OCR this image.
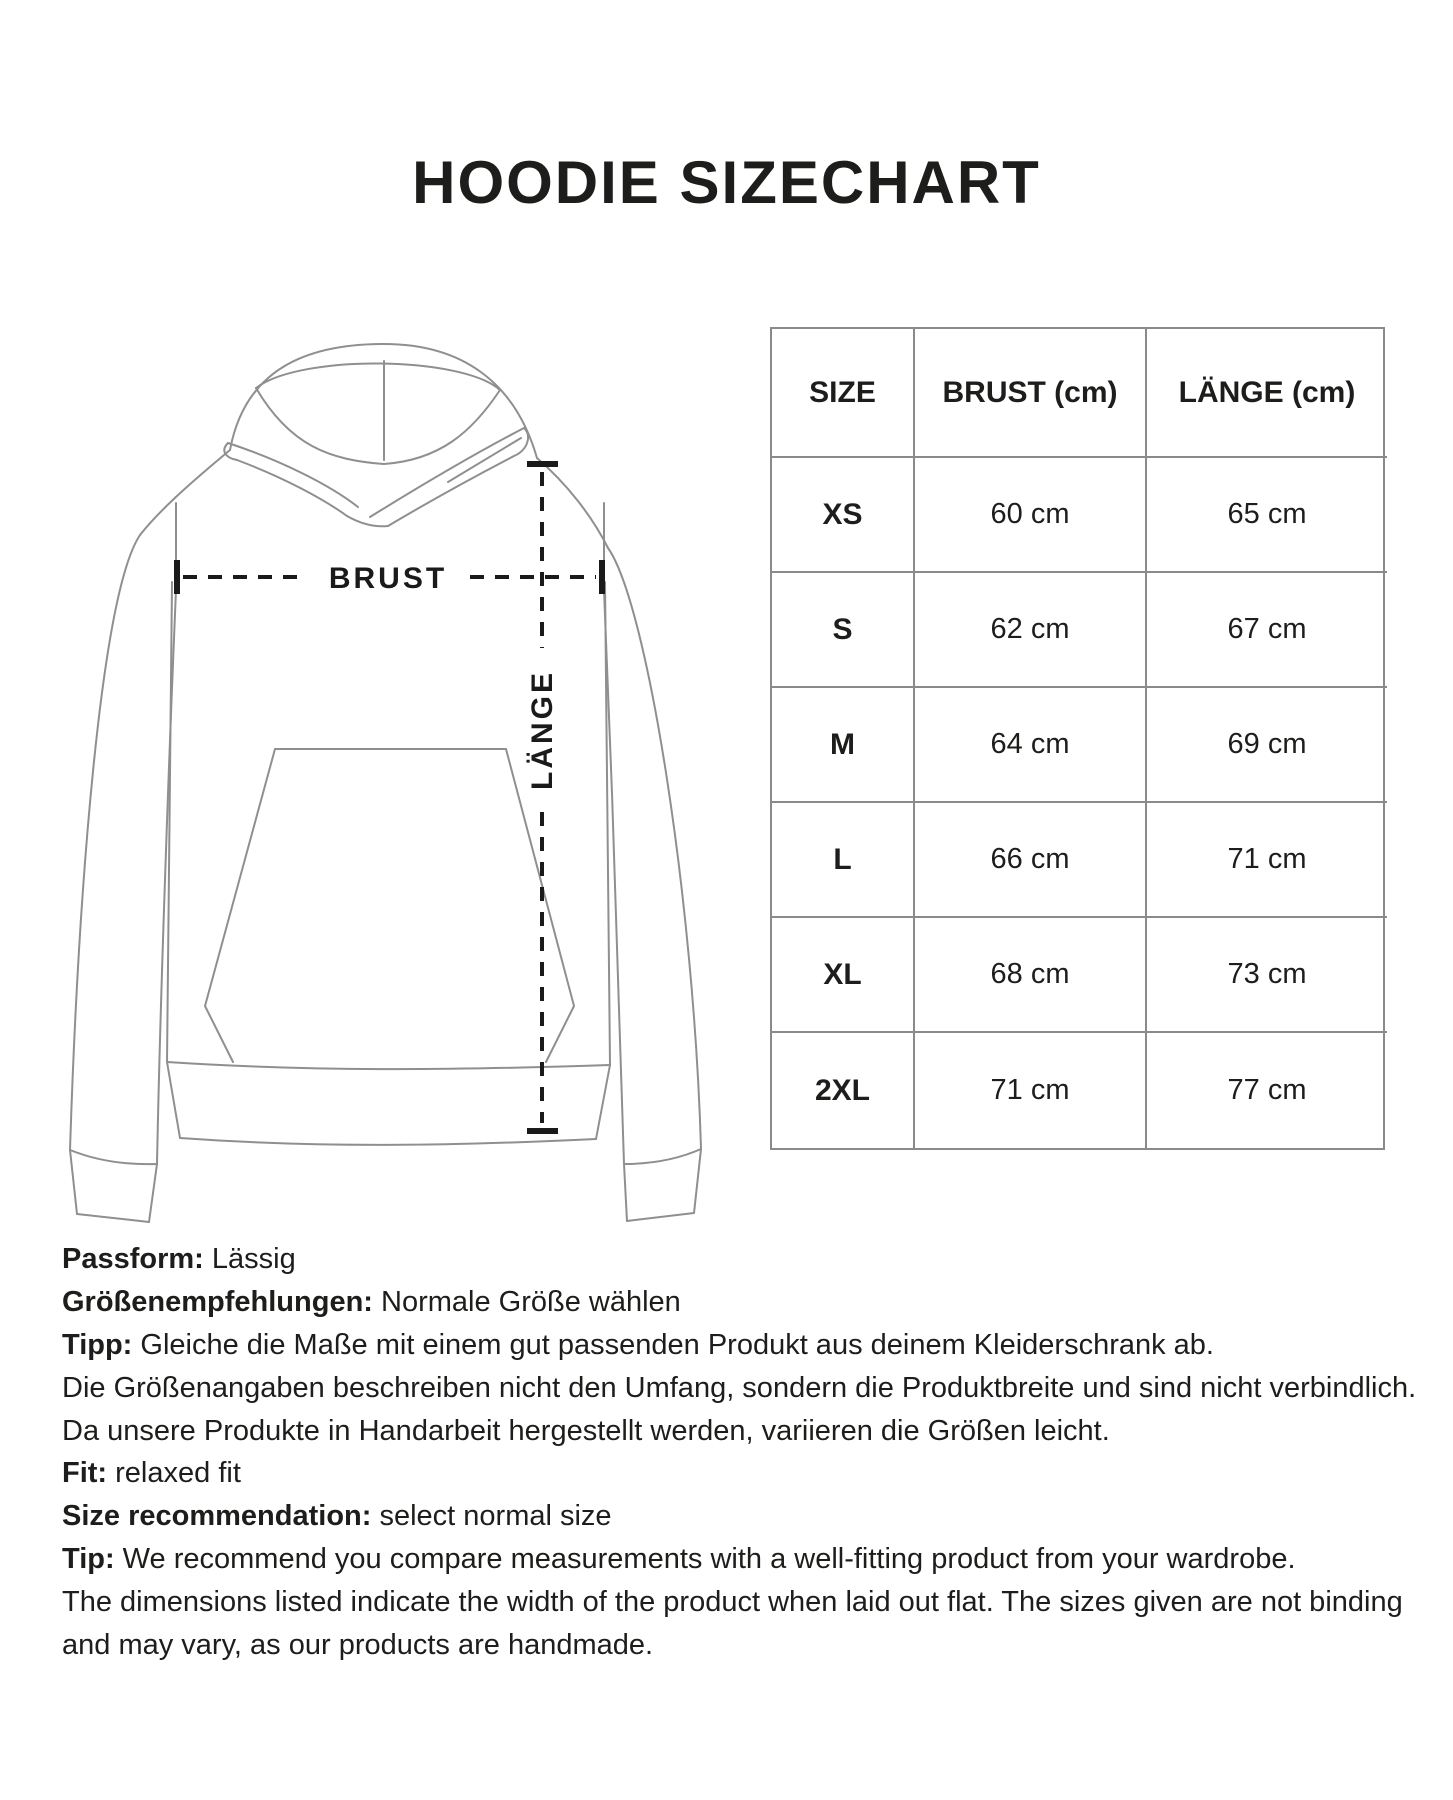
HOODIE SIZECHART
BRUST
LÄNGE
SIZE	BRUST (cm)	LÄNGE (cm)
XS	60 cm	65 cm
S	62 cm	67 cm
M	64 cm	69 cm
L	66 cm	71 cm
XL	68 cm	73 cm
2XL	71 cm	77 cm
Passform: Lässig
Größenempfehlungen: Normale Größe wählen
Tipp: Gleiche die Maße mit einem gut passenden Produkt aus deinem Kleiderschrank ab.
Die Größenangaben beschreiben nicht den Umfang, sondern die Produktbreite und sind nicht verbindlich.
Da unsere Produkte in Handarbeit hergestellt werden, variieren die Größen leicht.
Fit: relaxed fit
Size recommendation: select normal size
Tip: We recommend you compare measurements with a well-fitting product from your wardrobe.
The dimensions listed indicate the width of the product when laid out flat. The sizes given are not binding
and may vary, as our products are handmade.
